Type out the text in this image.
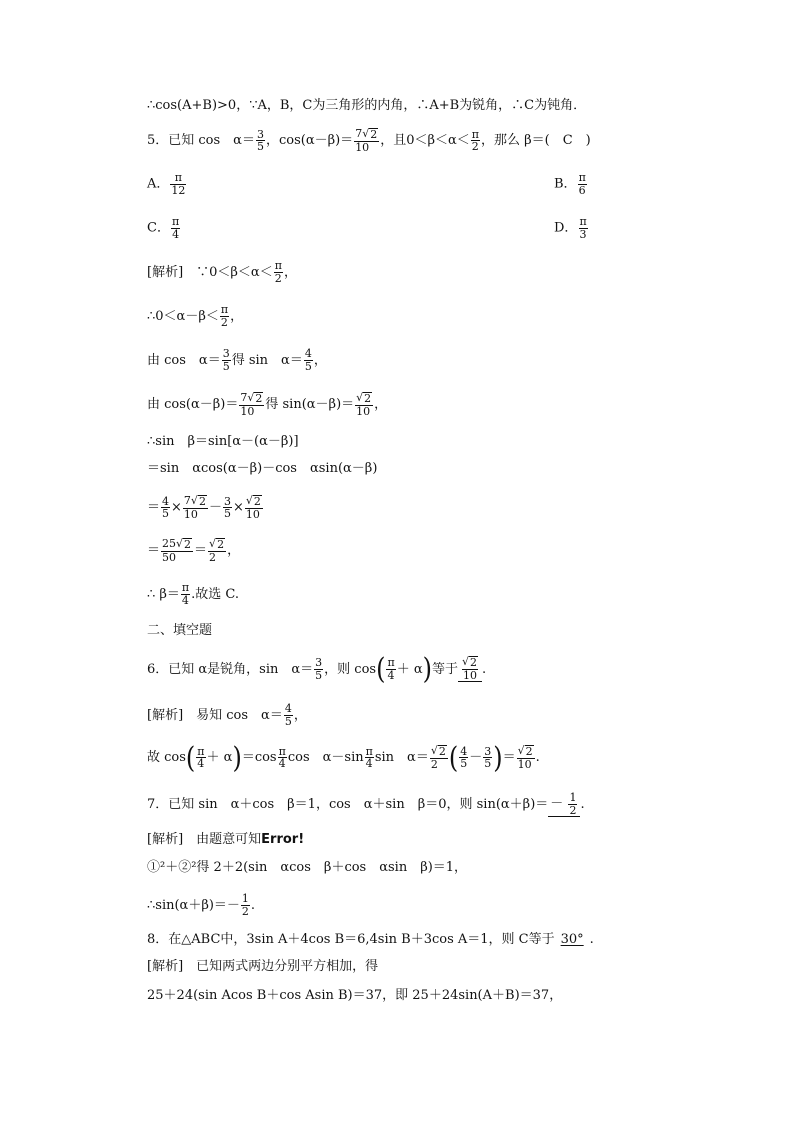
∴cos(A+B)>0，∵A，B，C为三角形的内角，∴A+B为锐角，∴C为钝角．
5．已知 cos　$\alpha= \frac{3}{5}$ ，$\cos(\alpha-\beta)= \frac{7 √ 2}{10}$ ，且$0<\beta<\alpha< \frac{\pi}{2}$ ，那么 β＝(　C　)
A． $\frac{\pi}{12}$	B． $\frac{\pi}{6}$
C． $\frac{\pi}{4}$	D． $\frac{\pi}{3}$
[解析]　∵0＜β＜α＜ $\frac{\pi}{2}$ ，
∴0＜α－β＜ $\frac{\pi}{2}$ ，
由 cos　$\alpha= \frac{3}{5}$ 得 sin　$\alpha= \frac{4}{5}$ ，
由 $\cos(\alpha-\beta)= \frac{7 √ 2}{10}$ 得 $\sin(\alpha-\beta)= \frac{√ 2}{10}$ ，
∴sin　β＝sin[α－(α－β)]
＝sin　αcos(α－β)－cos　αsin(α－β)
＝ $\frac{4}{5} \times \frac{7 √ 2}{10} - \frac{3}{5} \times \frac{√ 2}{10}$
＝ $\frac{25 √ 2}{50} = \frac{√ 2}{2}$ ，
∴ $\beta= \frac{\pi}{4}$ .故选 C.
二、填空题
6．已知 α是锐角，sin　$\alpha= \frac{3}{5}$ ，则 cos ( $\frac{\pi}{4} + \alpha$ ) 等于 $\frac{√ 2}{10}$ .
[解析]　易知 cos　$\alpha= \frac{4}{5}$ ，
故 cos ( $\frac{\pi}{4} + \alpha$ ) $=\cos \frac{\pi}{4}$ cos　$\alpha-\sin \frac{\pi}{4}$ sin　$\alpha= \frac{√ 2}{2}$ ( $\frac{4}{5} - \frac{3}{5}$ ) ＝ $\frac{√ 2}{10}$ .
7．已知 sin　α＋cos　β＝1，cos　α＋sin　β＝0，则 $\sin(\alpha+\beta)= - \frac{1}{2}$ .
[解析]　由题意可知 Error!
①²＋②²得 2＋2(sin　αcos　β＋cos　αsin　β)＝1，
∴sin(α＋β)＝－ $\frac{1}{2}$ .
8．在△ABC中，3sin A＋4cos B＝6,4sin B＋3cos A＝1，则 C等于 30° .
[解析]　已知两式两边分别平方相加，得
25＋24(sin Acos B＋cos Asin B)＝37，即 25＋24sin(A＋B)＝37，
